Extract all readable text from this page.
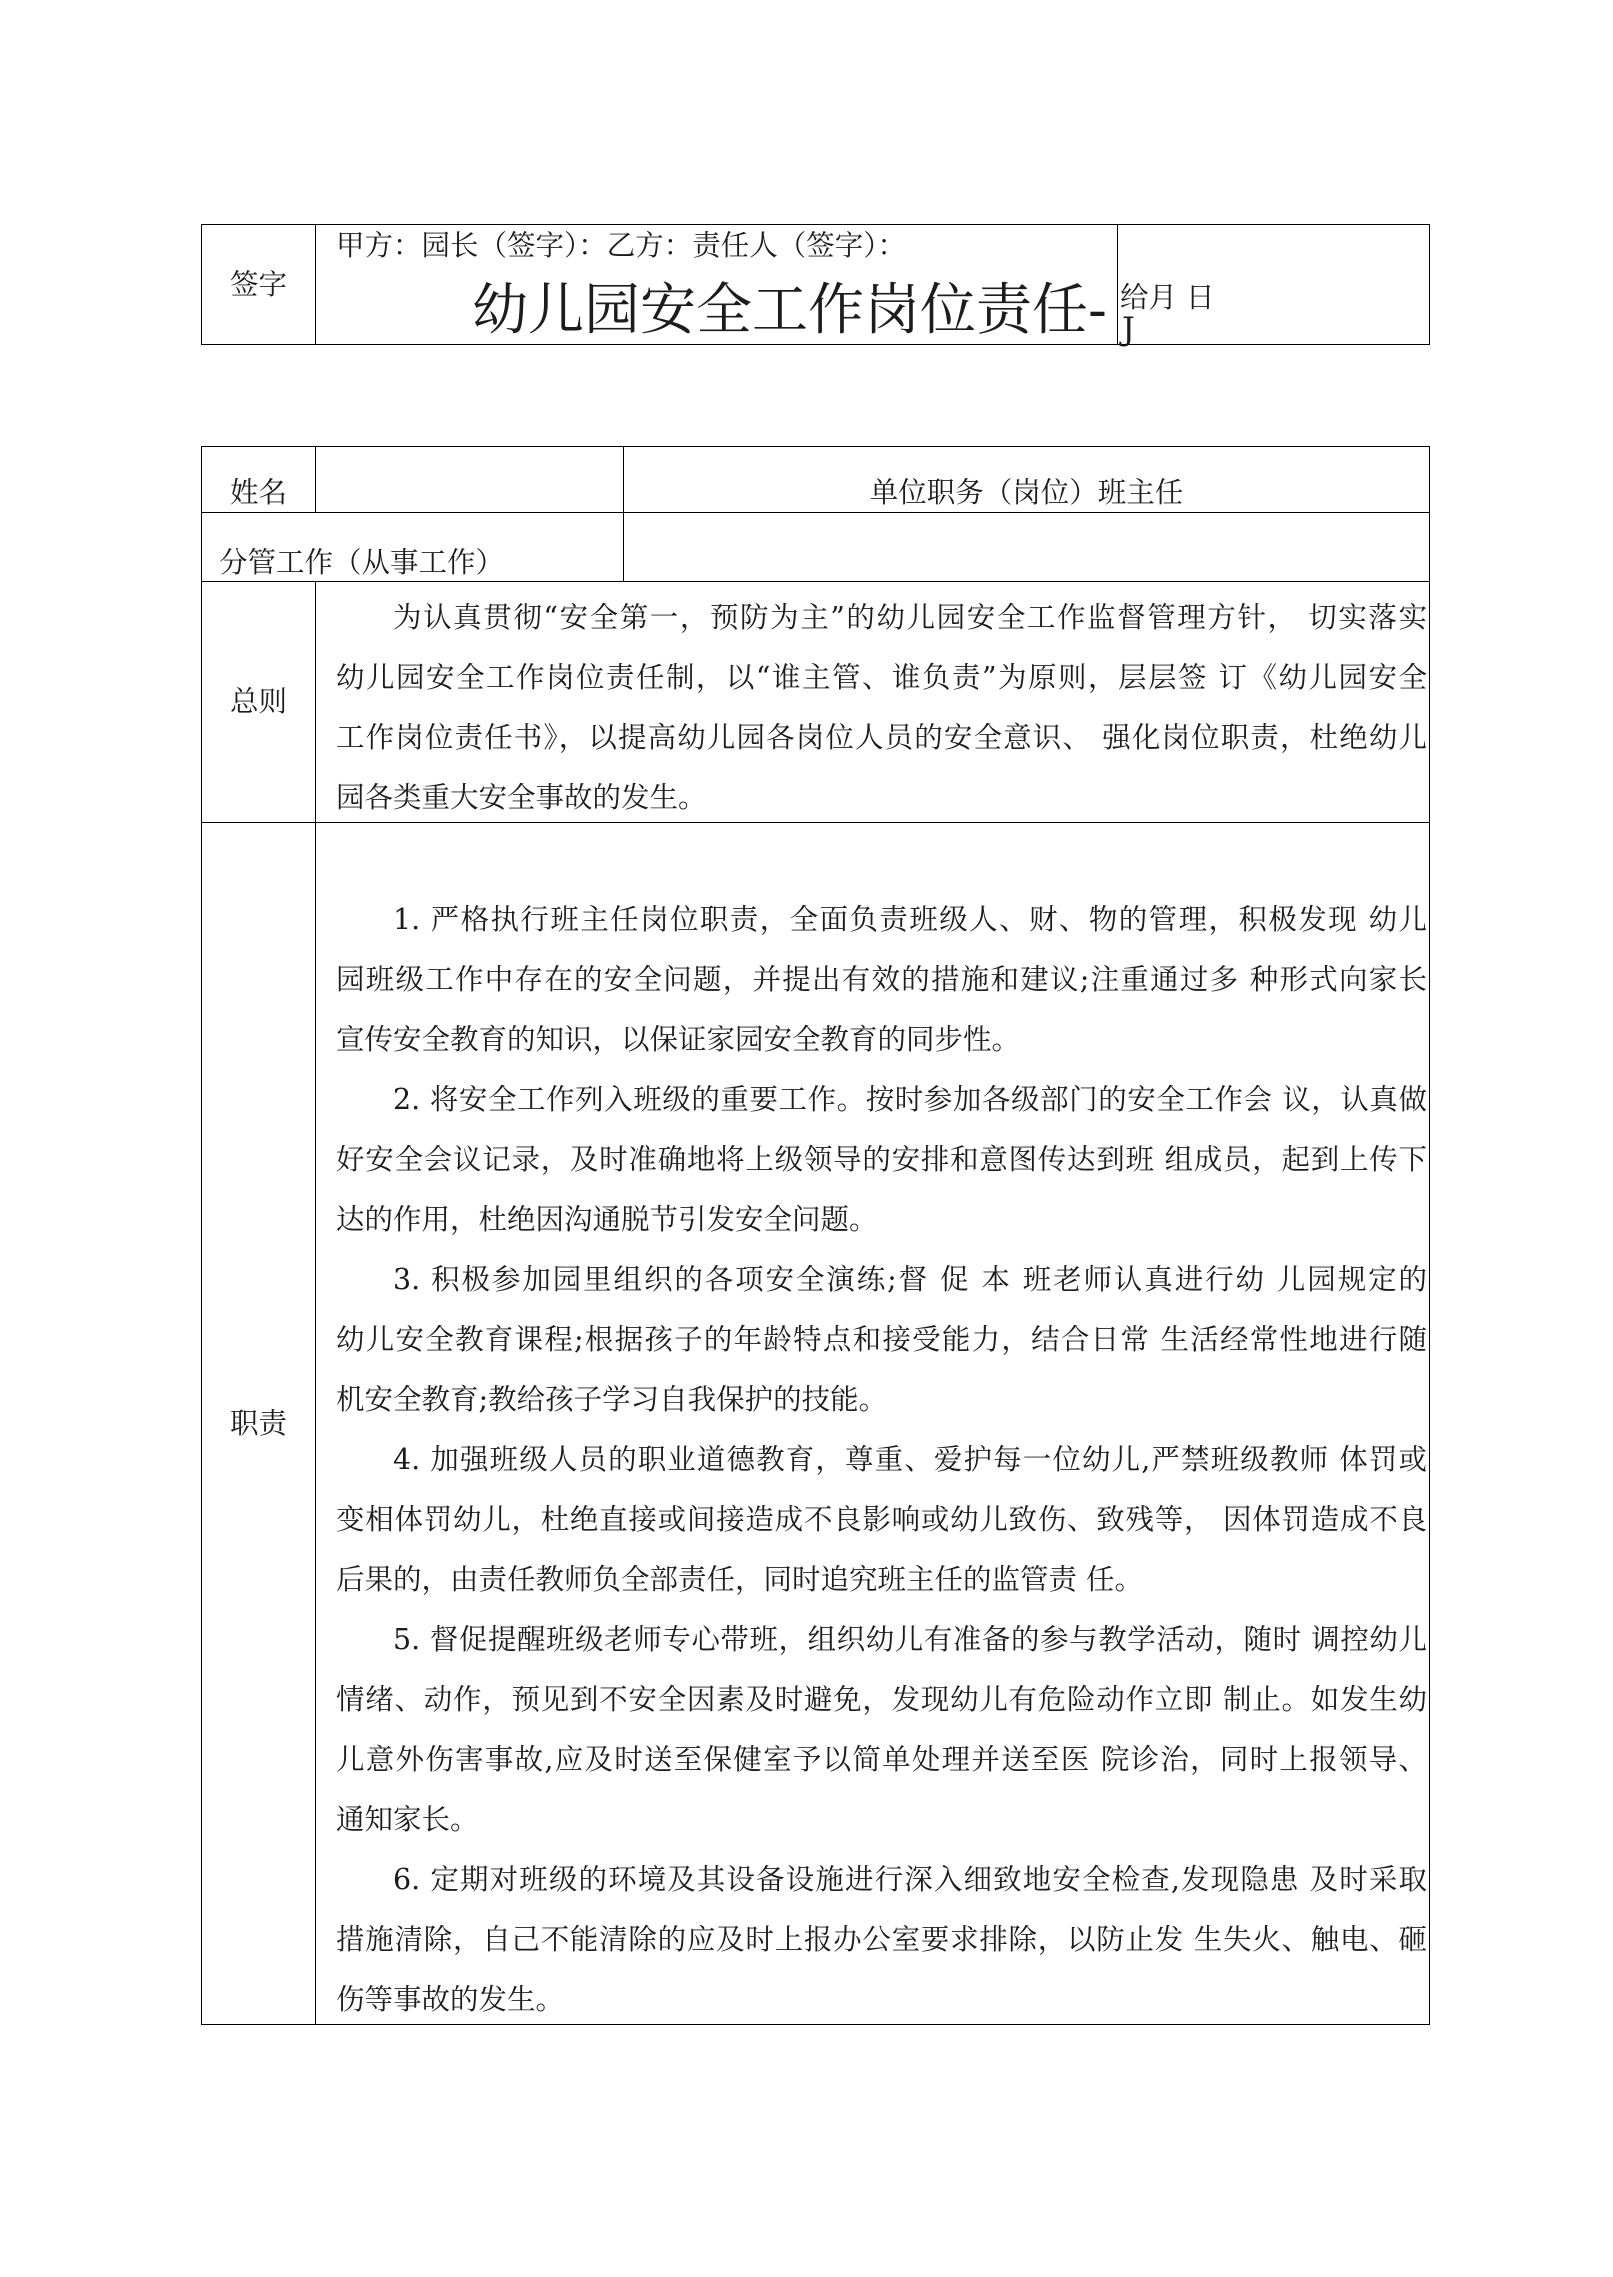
签字
甲方：园长（签字）：乙方：责任人（签字）：
幼儿园安全工作岗位责任- 给月 日
J
姓名	单位职务（岗位）班主任
分管工作（从事工作）
总则
为认真贯彻“安全第一，预防为主”的幼儿园安全工作监督管理方针， 切实落实
幼儿园安全工作岗位责任制，以“谁主管、谁负责”为原则，层层签 订《幼儿园安全
工作岗位责任书》，以提高幼儿园各岗位人员的安全意识、 强化岗位职责，杜绝幼儿
园各类重大安全事故的发生。
职责
1. 严格执行班主任岗位职责，全面负责班级人、财、物的管理，积极发现 幼儿
园班级工作中存在的安全问题，并提出有效的措施和建议;注重通过多 种形式向家长
宣传安全教育的知识，以保证家园安全教育的同步性。
2. 将安全工作列入班级的重要工作。按时参加各级部门的安全工作会 议，认真做
好安全会议记录，及时准确地将上级领导的安排和意图传达到班 组成员，起到上传下
达的作用，杜绝因沟通脱节引发安全问题。
3. 积极参加园里组织的各项安全演练;督 促 本 班老师认真进行幼 儿园规定的
幼儿安全教育课程;根据孩子的年龄特点和接受能力，结合日常 生活经常性地进行随
机安全教育;教给孩子学习自我保护的技能。
4. 加强班级人员的职业道德教育，尊重、爱护每一位幼儿,严禁班级教师 体罚或
变相体罚幼儿，杜绝直接或间接造成不良影响或幼儿致伤、致残等， 因体罚造成不良
后果的，由责任教师负全部责任，同时追究班主任的监管责 任。
5. 督促提醒班级老师专心带班，组织幼儿有准备的参与教学活动，随时 调控幼儿
情绪、动作，预见到不安全因素及时避免，发现幼儿有危险动作立即 制止。如发生幼
儿意外伤害事故,应及时送至保健室予以简单处理并送至医 院诊治，同时上报领导、
通知家长。
6. 定期对班级的环境及其设备设施进行深入细致地安全检查,发现隐患 及时采取
措施清除，自己不能清除的应及时上报办公室要求排除，以防止发 生失火、触电、砸
伤等事故的发生。
